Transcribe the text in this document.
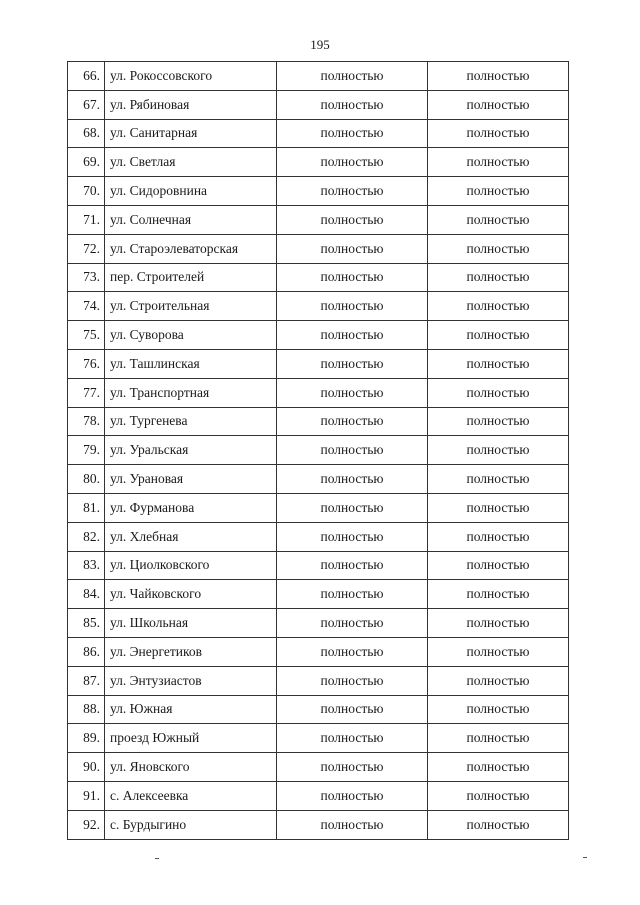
195
66.	ул. Рокоссовского	полностью	полностью
67.	ул. Рябиновая	полностью	полностью
68.	ул. Санитарная	полностью	полностью
69.	ул. Светлая	полностью	полностью
70.	ул. Сидоровнина	полностью	полностью
71.	ул. Солнечная	полностью	полностью
72.	ул. Староэлеваторская	полностью	полностью
73.	пер. Строителей	полностью	полностью
74.	ул. Строительная	полностью	полностью
75.	ул. Суворова	полностью	полностью
76.	ул. Ташлинская	полностью	полностью
77.	ул. Транспортная	полностью	полностью
78.	ул. Тургенева	полностью	полностью
79.	ул. Уральская	полностью	полностью
80.	ул. Урановая	полностью	полностью
81.	ул. Фурманова	полностью	полностью
82.	ул. Хлебная	полностью	полностью
83.	ул. Циолковского	полностью	полностью
84.	ул. Чайковского	полностью	полностью
85.	ул. Школьная	полностью	полностью
86.	ул. Энергетиков	полностью	полностью
87.	ул. Энтузиастов	полностью	полностью
88.	ул. Южная	полностью	полностью
89.	проезд Южный	полностью	полностью
90.	ул. Яновского	полностью	полностью
91.	с. Алексеевка	полностью	полностью
92.	с. Бурдыгино	полностью	полностью
